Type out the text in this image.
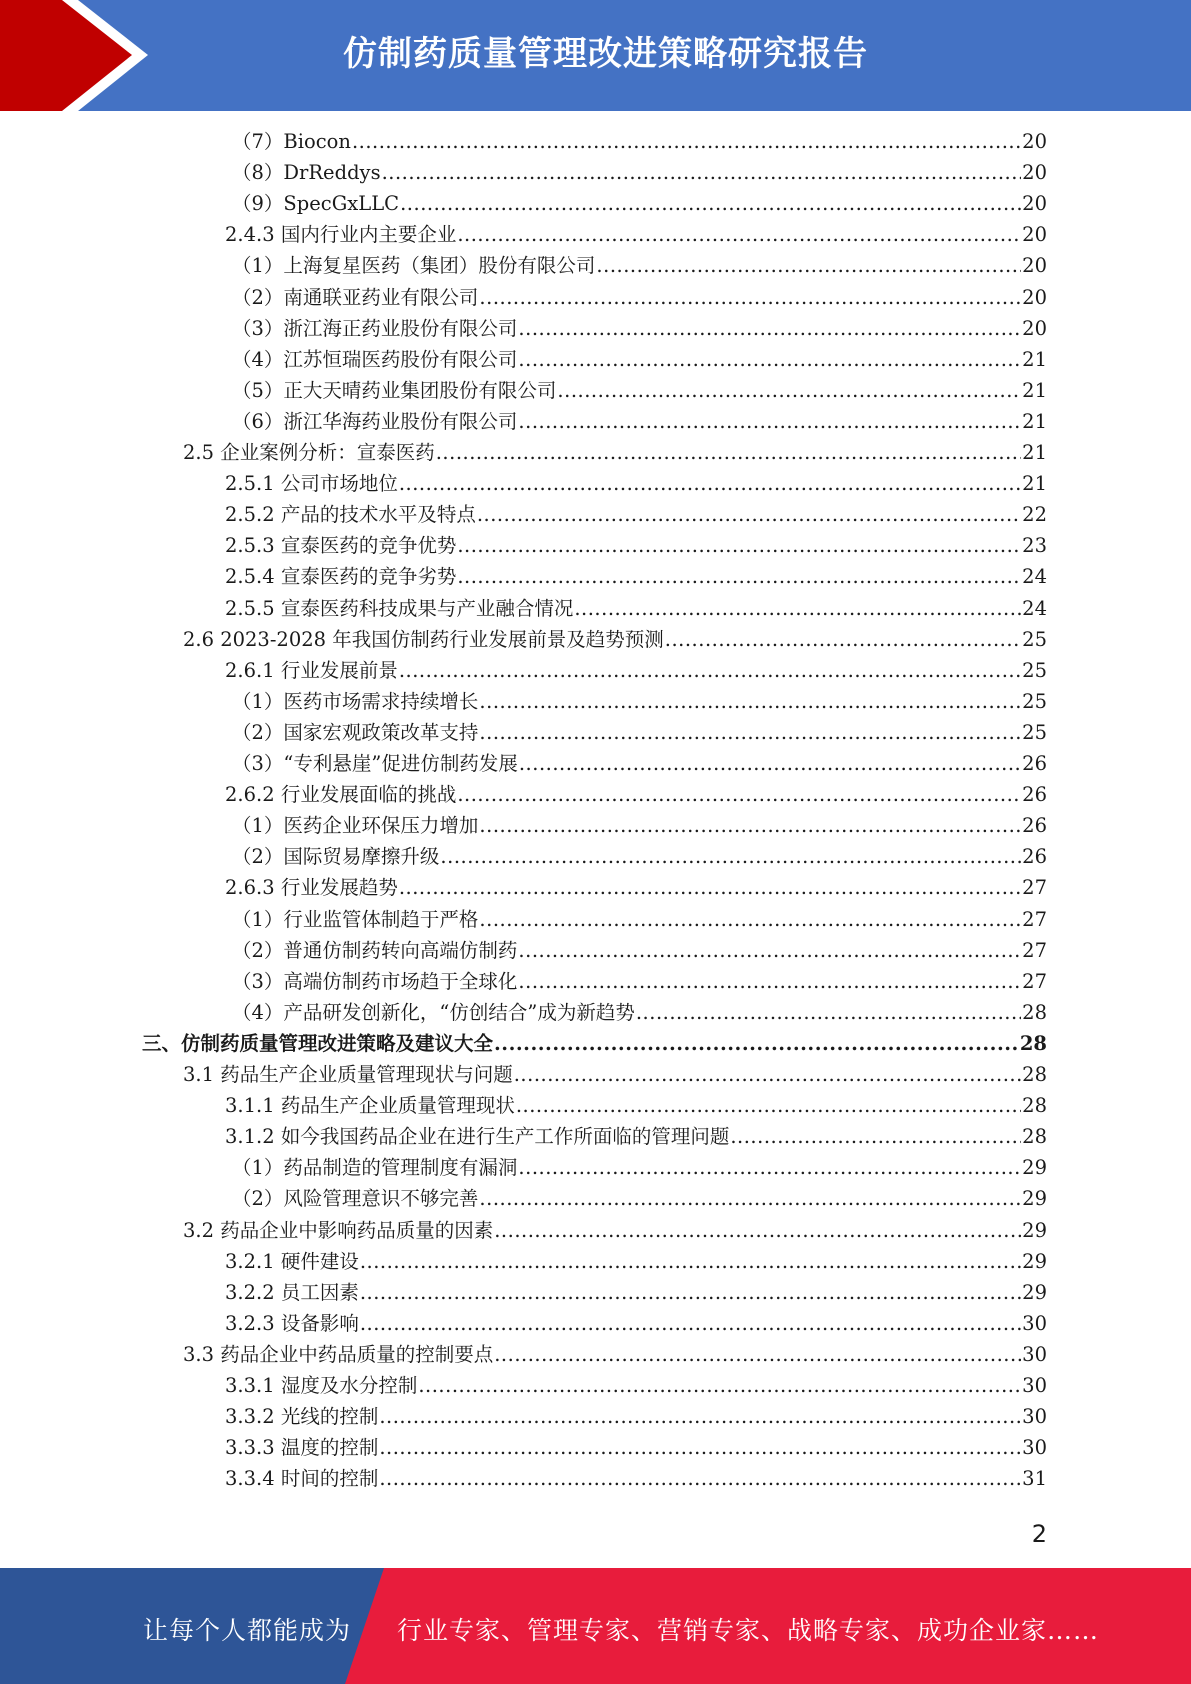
仿制药质量管理改进策略研究报告
（7）Biocon .....	20
（8）DrReddys .....	20
（9）SpecGxLLC .....	20
2.4.3 国内行业内主要企业 .....	20
（1）上海复星医药（集团）股份有限公司 .....	20
（2）南通联亚药业有限公司 .....	20
（3）浙江海正药业股份有限公司 .....	20
（4）江苏恒瑞医药股份有限公司 .....	21
（5）正大天晴药业集团股份有限公司 .....	21
（6）浙江华海药业股份有限公司 .....	21
2.5 企业案例分析：宣泰医药 .....	21
2.5.1 公司市场地位 .....	21
2.5.2 产品的技术水平及特点 .....	22
2.5.3 宣泰医药的竞争优势 .....	23
2.5.4 宣泰医药的竞争劣势 .....	24
2.5.5 宣泰医药科技成果与产业融合情况 .....	24
2.6 2023-2028 年我国仿制药行业发展前景及趋势预测 .....	25
2.6.1 行业发展前景 .....	25
（1）医药市场需求持续增长 .....	25
（2）国家宏观政策改革支持 .....	25
（3）“专利悬崖”促进仿制药发展 .....	26
2.6.2 行业发展面临的挑战 .....	26
（1）医药企业环保压力增加 .....	26
（2）国际贸易摩擦升级 .....	26
2.6.3 行业发展趋势 .....	27
（1）行业监管体制趋于严格 .....	27
（2）普通仿制药转向高端仿制药 .....	27
（3）高端仿制药市场趋于全球化 .....	27
（4）产品研发创新化，“仿创结合”成为新趋势 .....	28
三、仿制药质量管理改进策略及建议大全 .....	28
3.1 药品生产企业质量管理现状与问题 .....	28
3.1.1 药品生产企业质量管理现状 .....	28
3.1.2 如今我国药品企业在进行生产工作所面临的管理问题 .....	28
（1）药品制造的管理制度有漏洞 .....	29
（2）风险管理意识不够完善 .....	29
3.2 药品企业中影响药品质量的因素 .....	29
3.2.1 硬件建设 .....	29
3.2.2 员工因素 .....	29
3.2.3 设备影响 .....	30
3.3 药品企业中药品质量的控制要点 .....	30
3.3.1 湿度及水分控制 .....	30
3.3.2 光线的控制 .....	30
3.3.3 温度的控制 .....	30
3.3.4 时间的控制 .....	31
2
让每个人都能成为 行业专家、管理专家、营销专家、战略专家、成功企业家……
